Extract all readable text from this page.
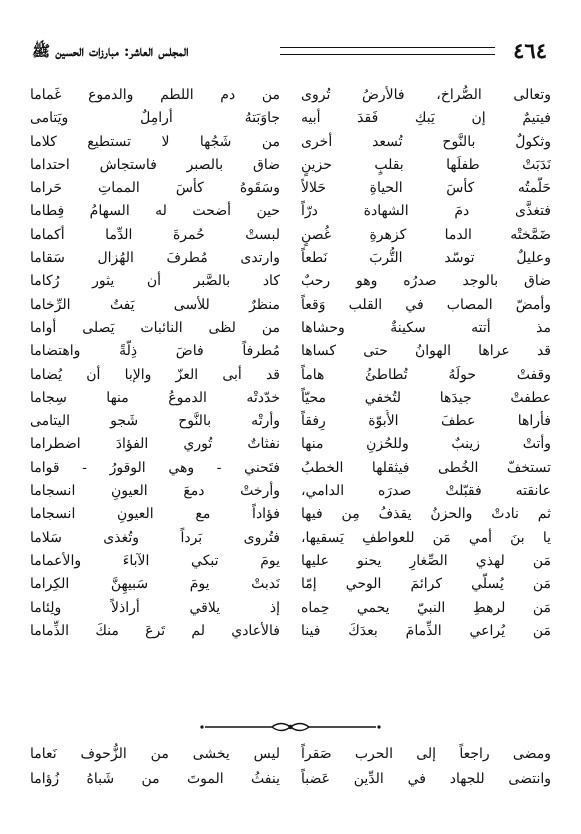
٤٦٤
المجلس العاشر: مبارزات الحسين ﷺ
وتعالى الصُّراخ، فالأرضُ تُروى
من دم اللطم والدموع غَماما
فيتيمٌ إن يَبكِ فَقدَ أبيه
جاوَبَتهُ أرامِلٌ ويَتامى
وثكولٌ بالنَّوح تُسعد أخرى
من شَجُها لا تستطيع كلاما
نَدَبَتْ طفلَها بقلبٍ حزينٍ
ضاق بالصبر فاستجاش احتداما
حَلّمتُه كأسَ الحياةِ حَلالاً
وسَقَوهُ كأسَ المماتِ حَراما
فتغذَّى دمَ الشهادة درّاً
حين أضحت له السهامُ فِطاما
ضَمَّختْه الدما كزهرةِ غُصنٍ
لبستْ حُمرةَ الدِّما أكماما
وعليلٌ توسّد التُّربَ نَطعاً
وارتدى مُطرفَ الهُزال سَقاما
ضاق بالوجد صدرُه وهو رحبٌ
كاد بالصَّبر أن يثور رُكاما
وأمضّ المصاب في القلب وَقعاً
منظرٌ للأسى يَفتُ الرِّخاما
مذ أتته سكينةٌ وحشاها
من لظى النائبات يَصلى أواما
قد عراها الهوانُ حتى كساها
مُطرفاً فاضَ ذِلّةً واهتضاما
وقفتْ حولَهُ تُطاطئُ هاماً
قد أبى العزّ والإبا أن يُضاما
عطفتْ جيدَها لتُخفي محيّاً
خدّدتْه الدموعُ منها سِجاما
فأراها عطفَ الأُبوّة رِفقاً
وأرتْه بالنَّوح شَجو اليتامى
وأتتْ زينبٌ وللحُزنِ منها
نفثاتٌ تُوري الفؤادَ اضطراما
تستخفّ الخُطى فيثقلها الخطبُ
فتَحني - وهي الوقورُ - قواما
عانقته فقبّلتْ صدرَه الدامي،
وأرختْ دمعَ العيونِ انسجاما
ثم نادتْ والحزنُ يقذفُ مِن فيها
فؤاداً مع العيونِ انسجاما
يا بنَ أمي مَن للعواطفِ يَسقيها،
فتُروى بَرداً وتُغذى سَلاما
مَن لهذي الصِّغارِ يحنو عليها
يومَ تبكي الآباءَ والأعماما
مَن يُسلّي كرائمَ الوحي إمّا
نَدبتْ يومَ سَبيهِنَّ الكِراما
مَن لرهطِ النبيّ يحمي حِماه
إذ يلاقي أراذلاً ولِئاما
مَن يُراعي الذِّمامَ بعدَكَ فينا
فالأعادي لم تَرعَ منكَ الذِّماما
ومضى راجعاً إلى الحرب صَقراً
ليس يخشى من الزُّحوف نَعاما
وانتضى للجهاد في الدِّين عَضباً
ينفثُ الموتَ من شَباهُ زُؤاما
